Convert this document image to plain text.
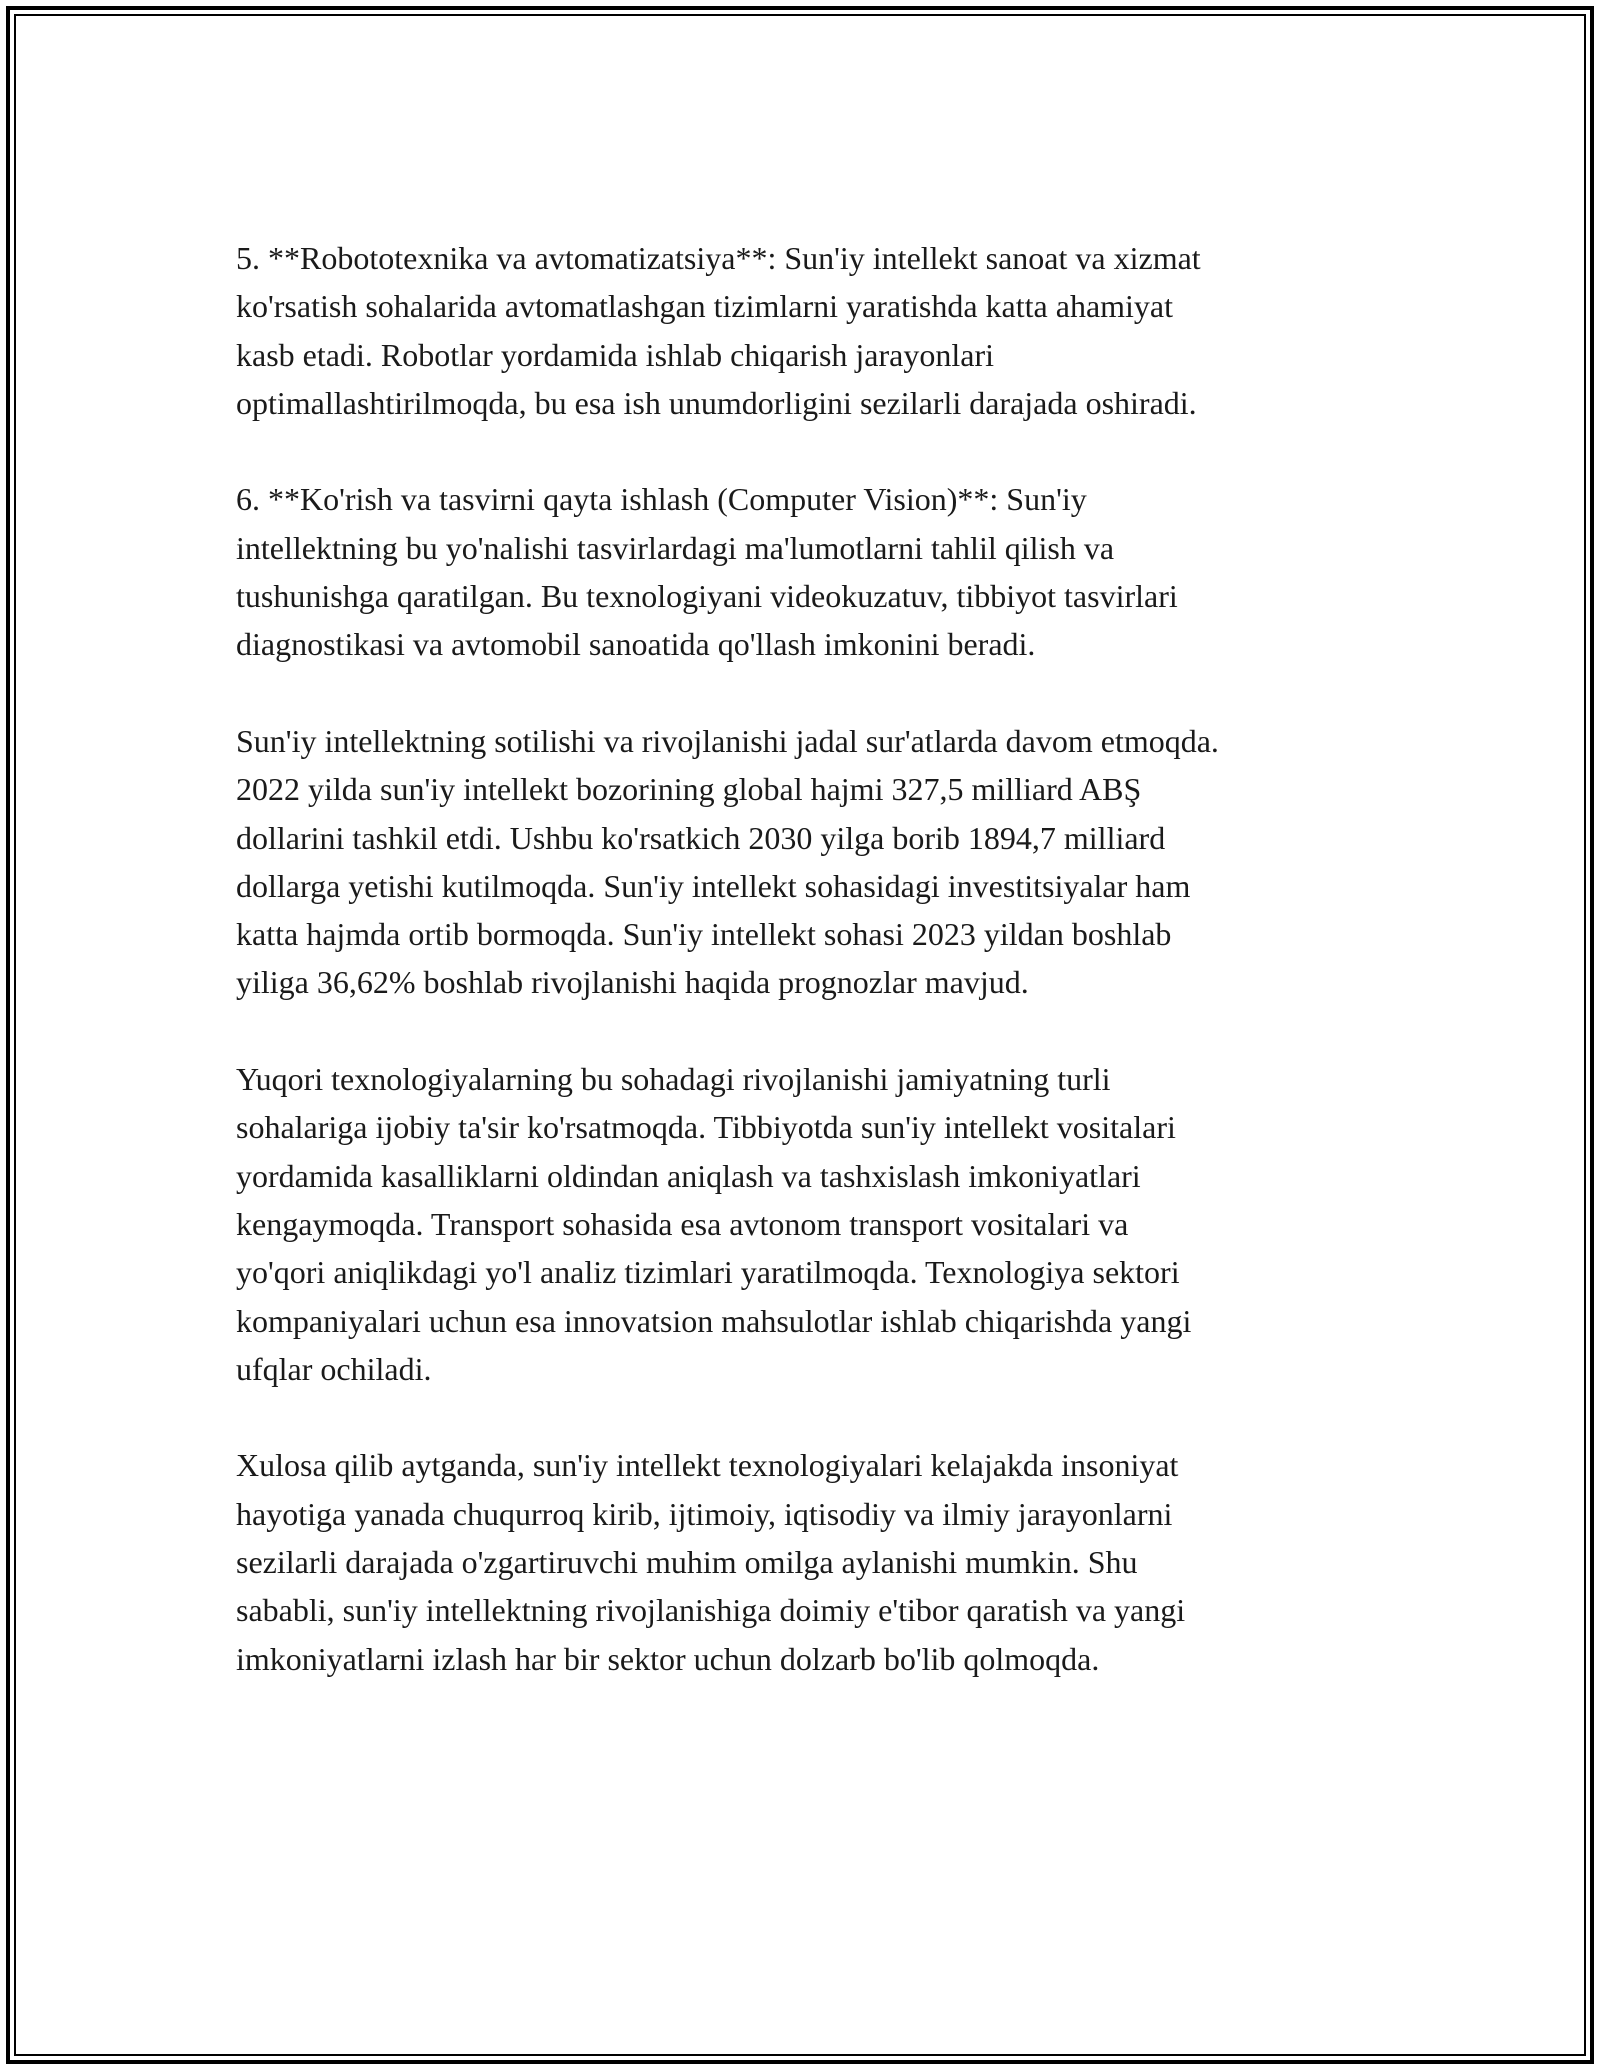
5. **Robototexnika va avtomatizatsiya**: Sun'iy intellekt sanoat va xizmat
ko'rsatish sohalarida avtomatlashgan tizimlarni yaratishda katta ahamiyat
kasb etadi. Robotlar yordamida ishlab chiqarish jarayonlari
optimallashtirilmoqda, bu esa ish unumdorligini sezilarli darajada oshiradi.

6. **Ko'rish va tasvirni qayta ishlash (Computer Vision)**: Sun'iy
intellektning bu yo'nalishi tasvirlardagi ma'lumotlarni tahlil qilish va
tushunishga qaratilgan. Bu texnologiyani videokuzatuv, tibbiyot tasvirlari
diagnostikasi va avtomobil sanoatida qo'llash imkonini beradi.

Sun'iy intellektning sotilishi va rivojlanishi jadal sur'atlarda davom etmoqda.
2022 yilda sun'iy intellekt bozorining global hajmi 327,5 milliard ABŞ
dollarini tashkil etdi. Ushbu ko'rsatkich 2030 yilga borib 1894,7 milliard
dollarga yetishi kutilmoqda. Sun'iy intellekt sohasidagi investitsiyalar ham
katta hajmda ortib bormoqda. Sun'iy intellekt sohasi 2023 yildan boshlab
yiliga 36,62% boshlab rivojlanishi haqida prognozlar mavjud.

Yuqori texnologiyalarning bu sohadagi rivojlanishi jamiyatning turli
sohalariga ijobiy ta'sir ko'rsatmoqda. Tibbiyotda sun'iy intellekt vositalari
yordamida kasalliklarni oldindan aniqlash va tashxislash imkoniyatlari
kengaymoqda. Transport sohasida esa avtonom transport vositalari va
yo'qori aniqlikdagi yo'l analiz tizimlari yaratilmoqda. Texnologiya sektori
kompaniyalari uchun esa innovatsion mahsulotlar ishlab chiqarishda yangi
ufqlar ochiladi.

Xulosa qilib aytganda, sun'iy intellekt texnologiyalari kelajakda insoniyat
hayotiga yanada chuqurroq kirib, ijtimoiy, iqtisodiy va ilmiy jarayonlarni
sezilarli darajada o'zgartiruvchi muhim omilga aylanishi mumkin. Shu
sababli, sun'iy intellektning rivojlanishiga doimiy e'tibor qaratish va yangi
imkoniyatlarni izlash har bir sektor uchun dolzarb bo'lib qolmoqda.
